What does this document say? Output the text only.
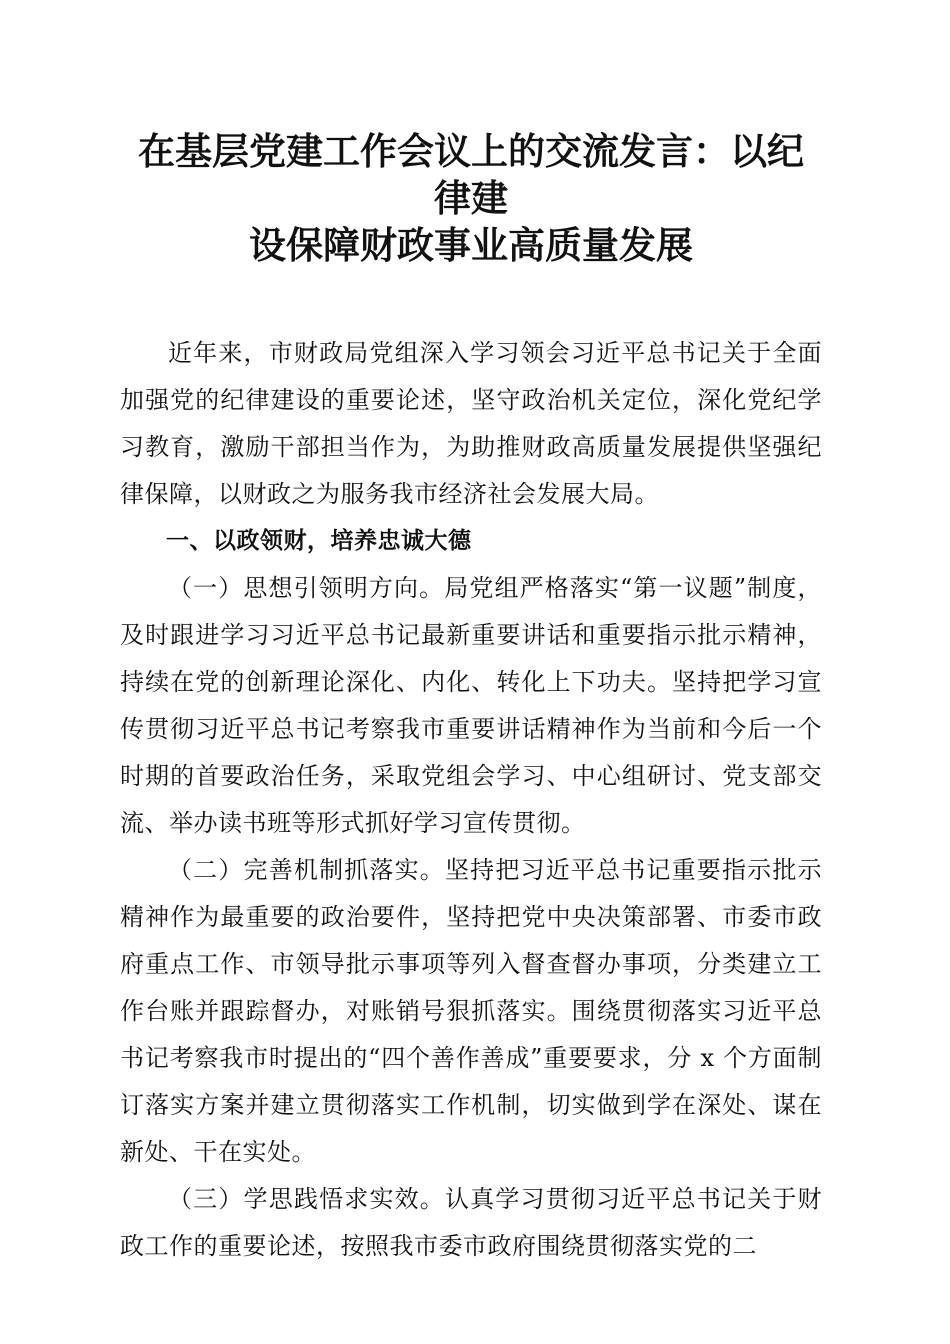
在基层党建工作会议上的交流发言：以纪律建
设保障财政事业高质量发展

近年来，市财政局党组深入学习领会习近平总书记关于全面加强党的纪律建设的重要论述，坚守政治机关定位，深化党纪学习教育，激励干部担当作为，为助推财政高质量发展提供坚强纪律保障，以财政之为服务我市经济社会发展大局。

一、以政领财，培养忠诚大德

（一）思想引领明方向。局党组严格落实“第一议题”制度，及时跟进学习习近平总书记最新重要讲话和重要指示批示精神，持续在党的创新理论深化、内化、转化上下功夫。坚持把学习宣传贯彻习近平总书记考察我市重要讲话精神作为当前和今后一个时期的首要政治任务，采取党组会学习、中心组研讨、党支部交流、举办读书班等形式抓好学习宣传贯彻。

（二）完善机制抓落实。坚持把习近平总书记重要指示批示精神作为最重要的政治要件，坚持把党中央决策部署、市委市政府重点工作、市领导批示事项等列入督查督办事项，分类建立工作台账并跟踪督办，对账销号狠抓落实。围绕贯彻落实习近平总书记考察我市时提出的“四个善作善成”重要要求，分 x 个方面制订落实方案并建立贯彻落实工作机制，切实做到学在深处、谋在新处、干在实处。

（三）学思践悟求实效。认真学习贯彻习近平总书记关于财政工作的重要论述，按照我市委市政府围绕贯彻落实党的二
